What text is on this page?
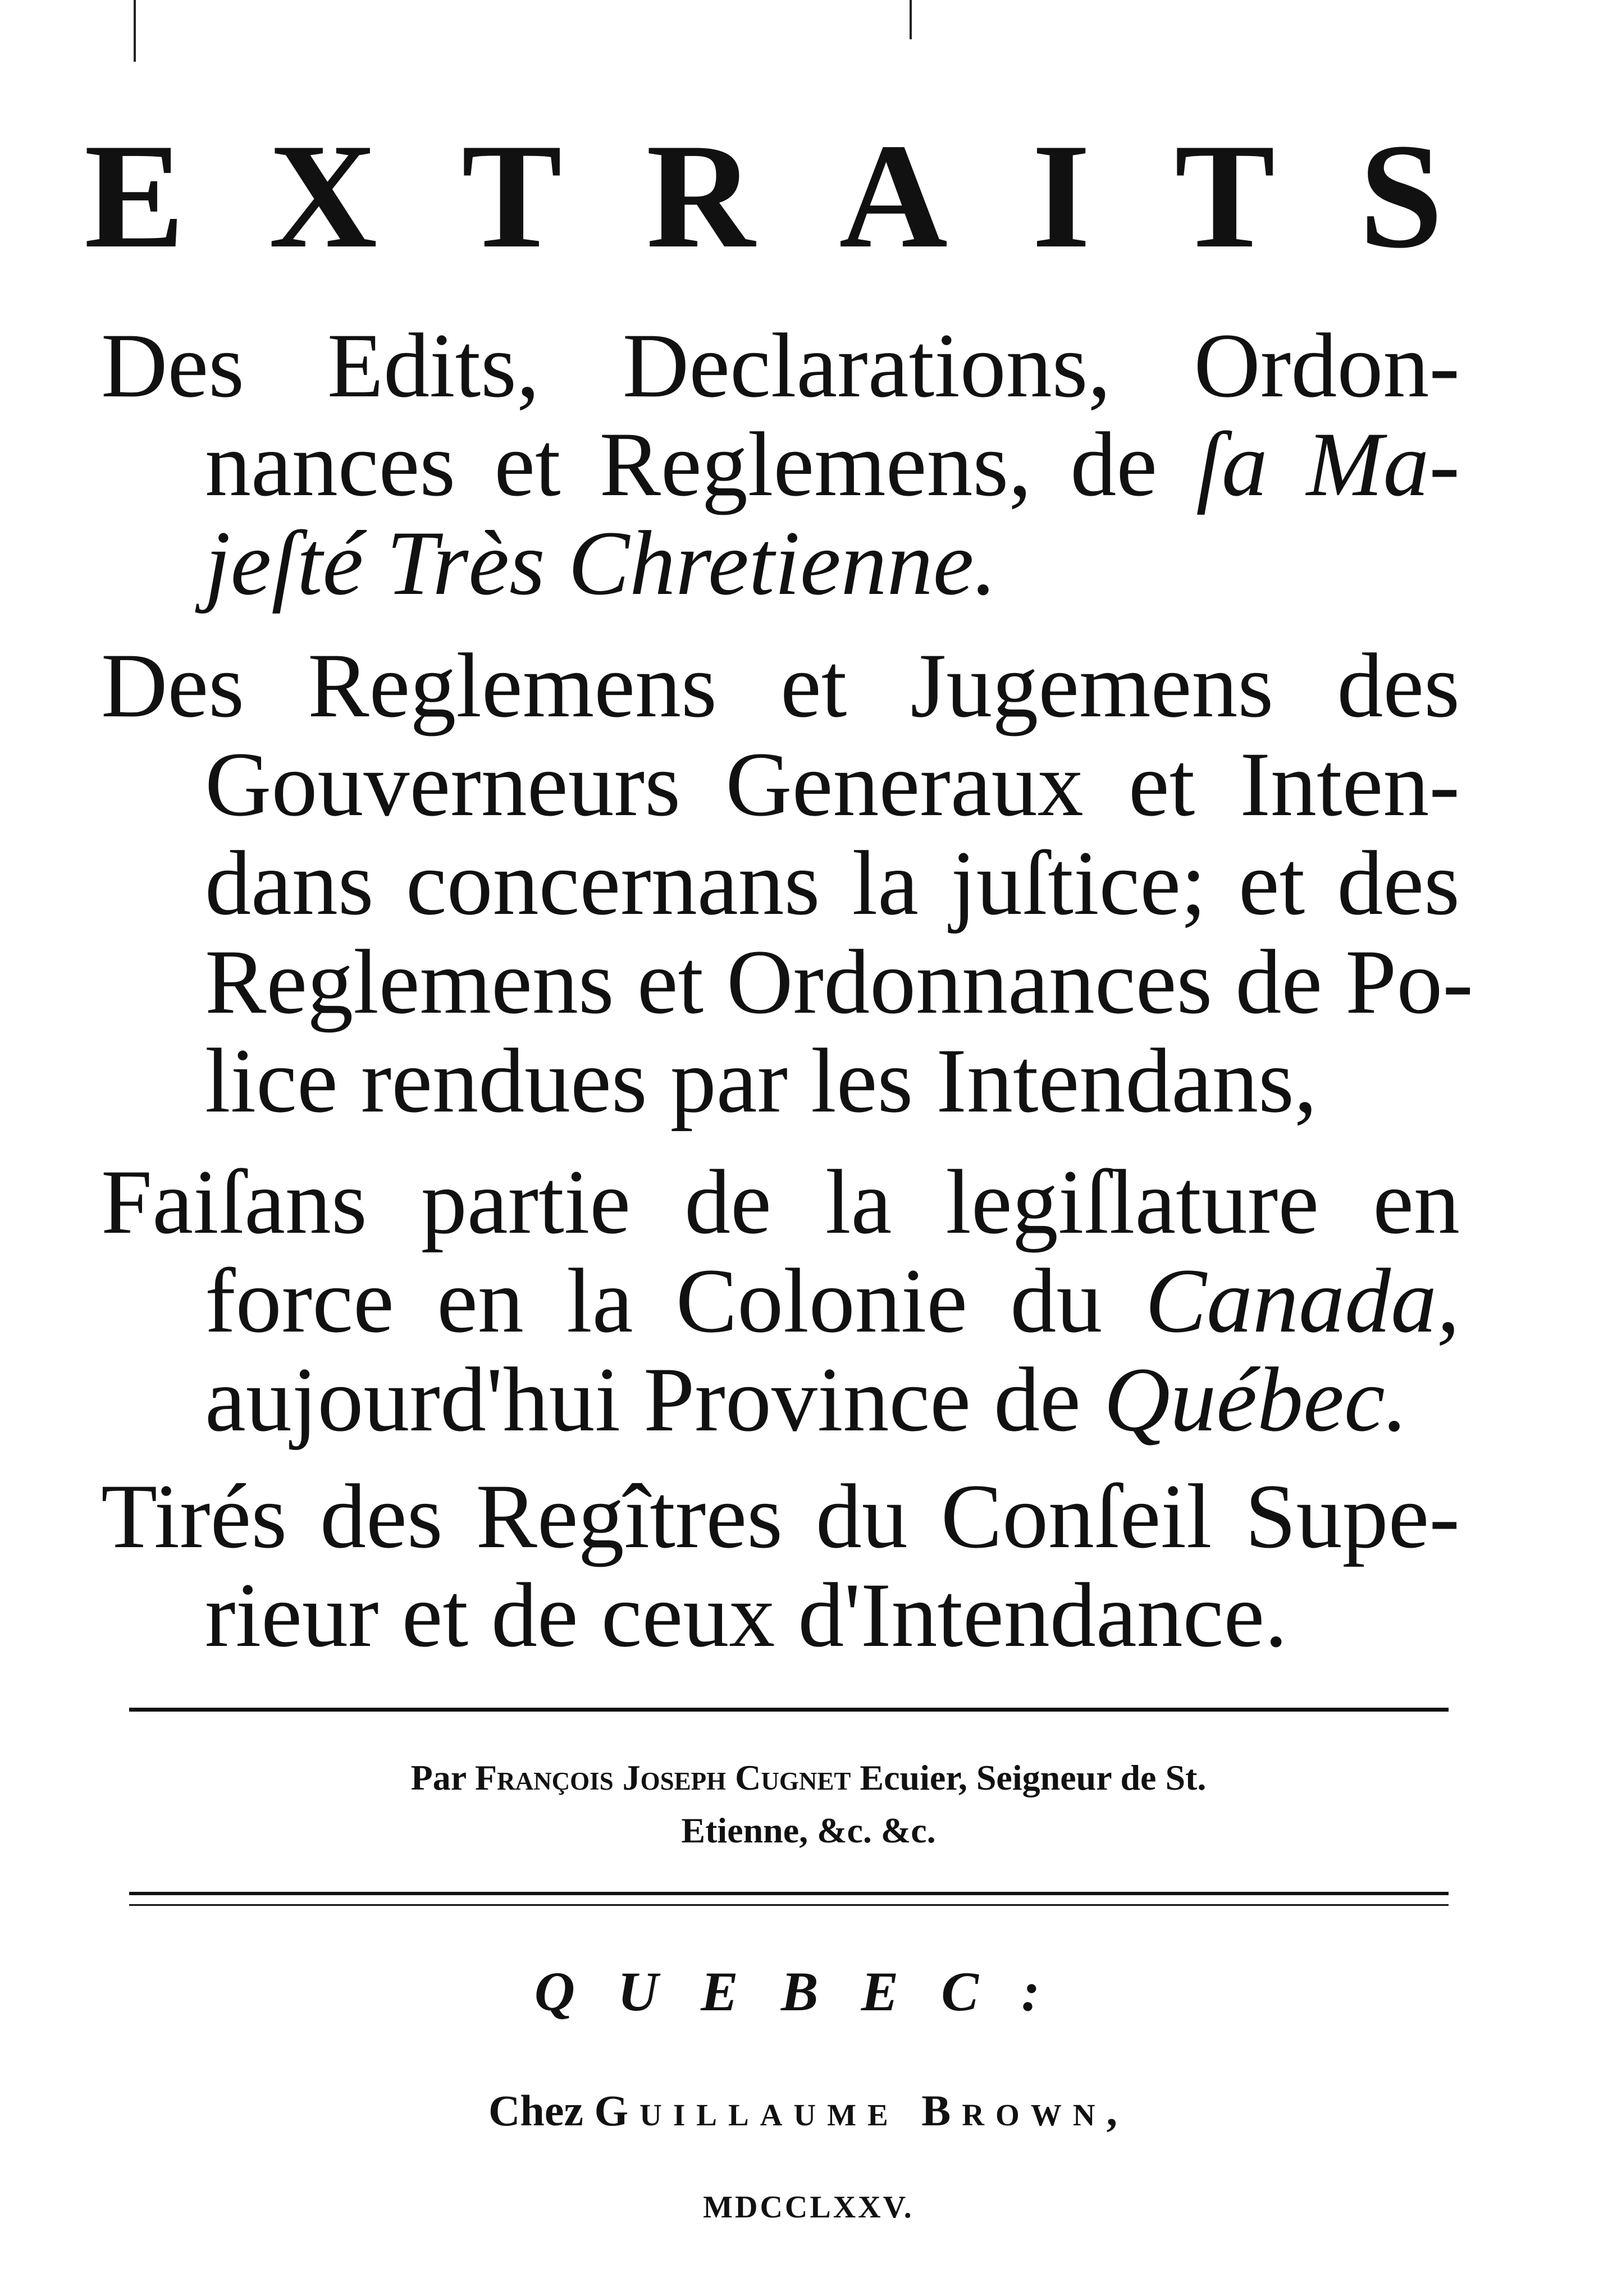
E X T R A I T S
Des Edits, Declarations, Ordon-
nances et Reglemens, de ſa Ma-
jeſté Très Chretienne.
Des Reglemens et Jugemens des
Gouverneurs Generaux et Inten-
dans concernans la juſtice; et des
Reglemens et Ordonnances de Po-
lice rendues par les Intendans,
Faiſans partie de la legiſlature en
force en la Colonie du Canada,
aujourd'hui Province de Québec.
Tirés des Regîtres du Conſeil Supe-
rieur et de ceux d'Intendance.
Par François Joseph Cugnet Ecuier, Seigneur de St.
Etienne, &c. &c.
QUEBEC:
Chez Guillaume Brown,
MDCCLXXV.
